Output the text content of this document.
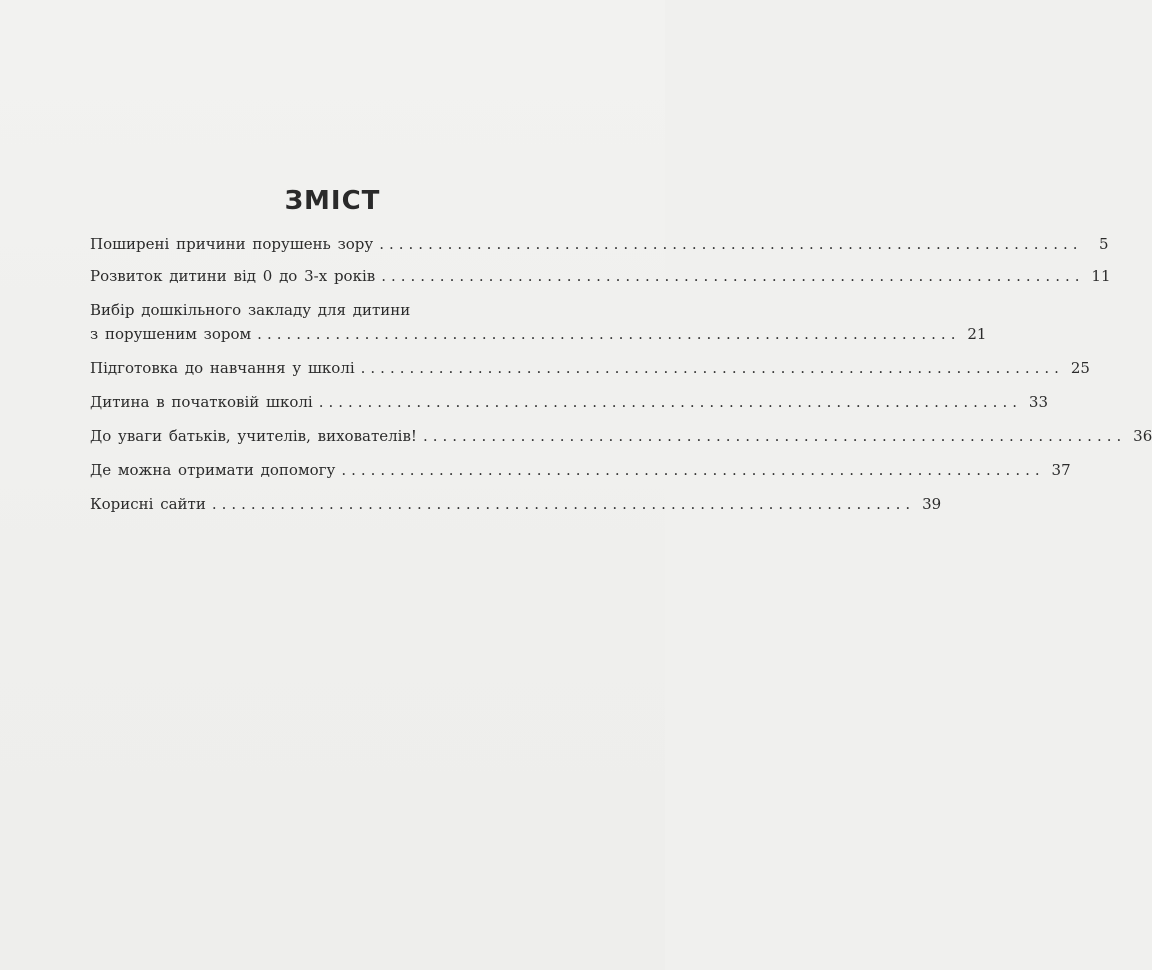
ЗМІСТ
Поширені причини порушень зору ........................................................................	5
Розвиток дитини від 0 до 3-х років ........................................................................ 11
Вибір дошкільного закладу для дитини
з порушеним зором ........................................................................ 21
Підготовка до навчання у школі ........................................................................ 25
Дитина в початковій школі ........................................................................ 33
До уваги батьків, учителів, вихователів! ........................................................................ 36
Де можна отримати допомогу ........................................................................ 37
Корисні сайти ........................................................................ 39
